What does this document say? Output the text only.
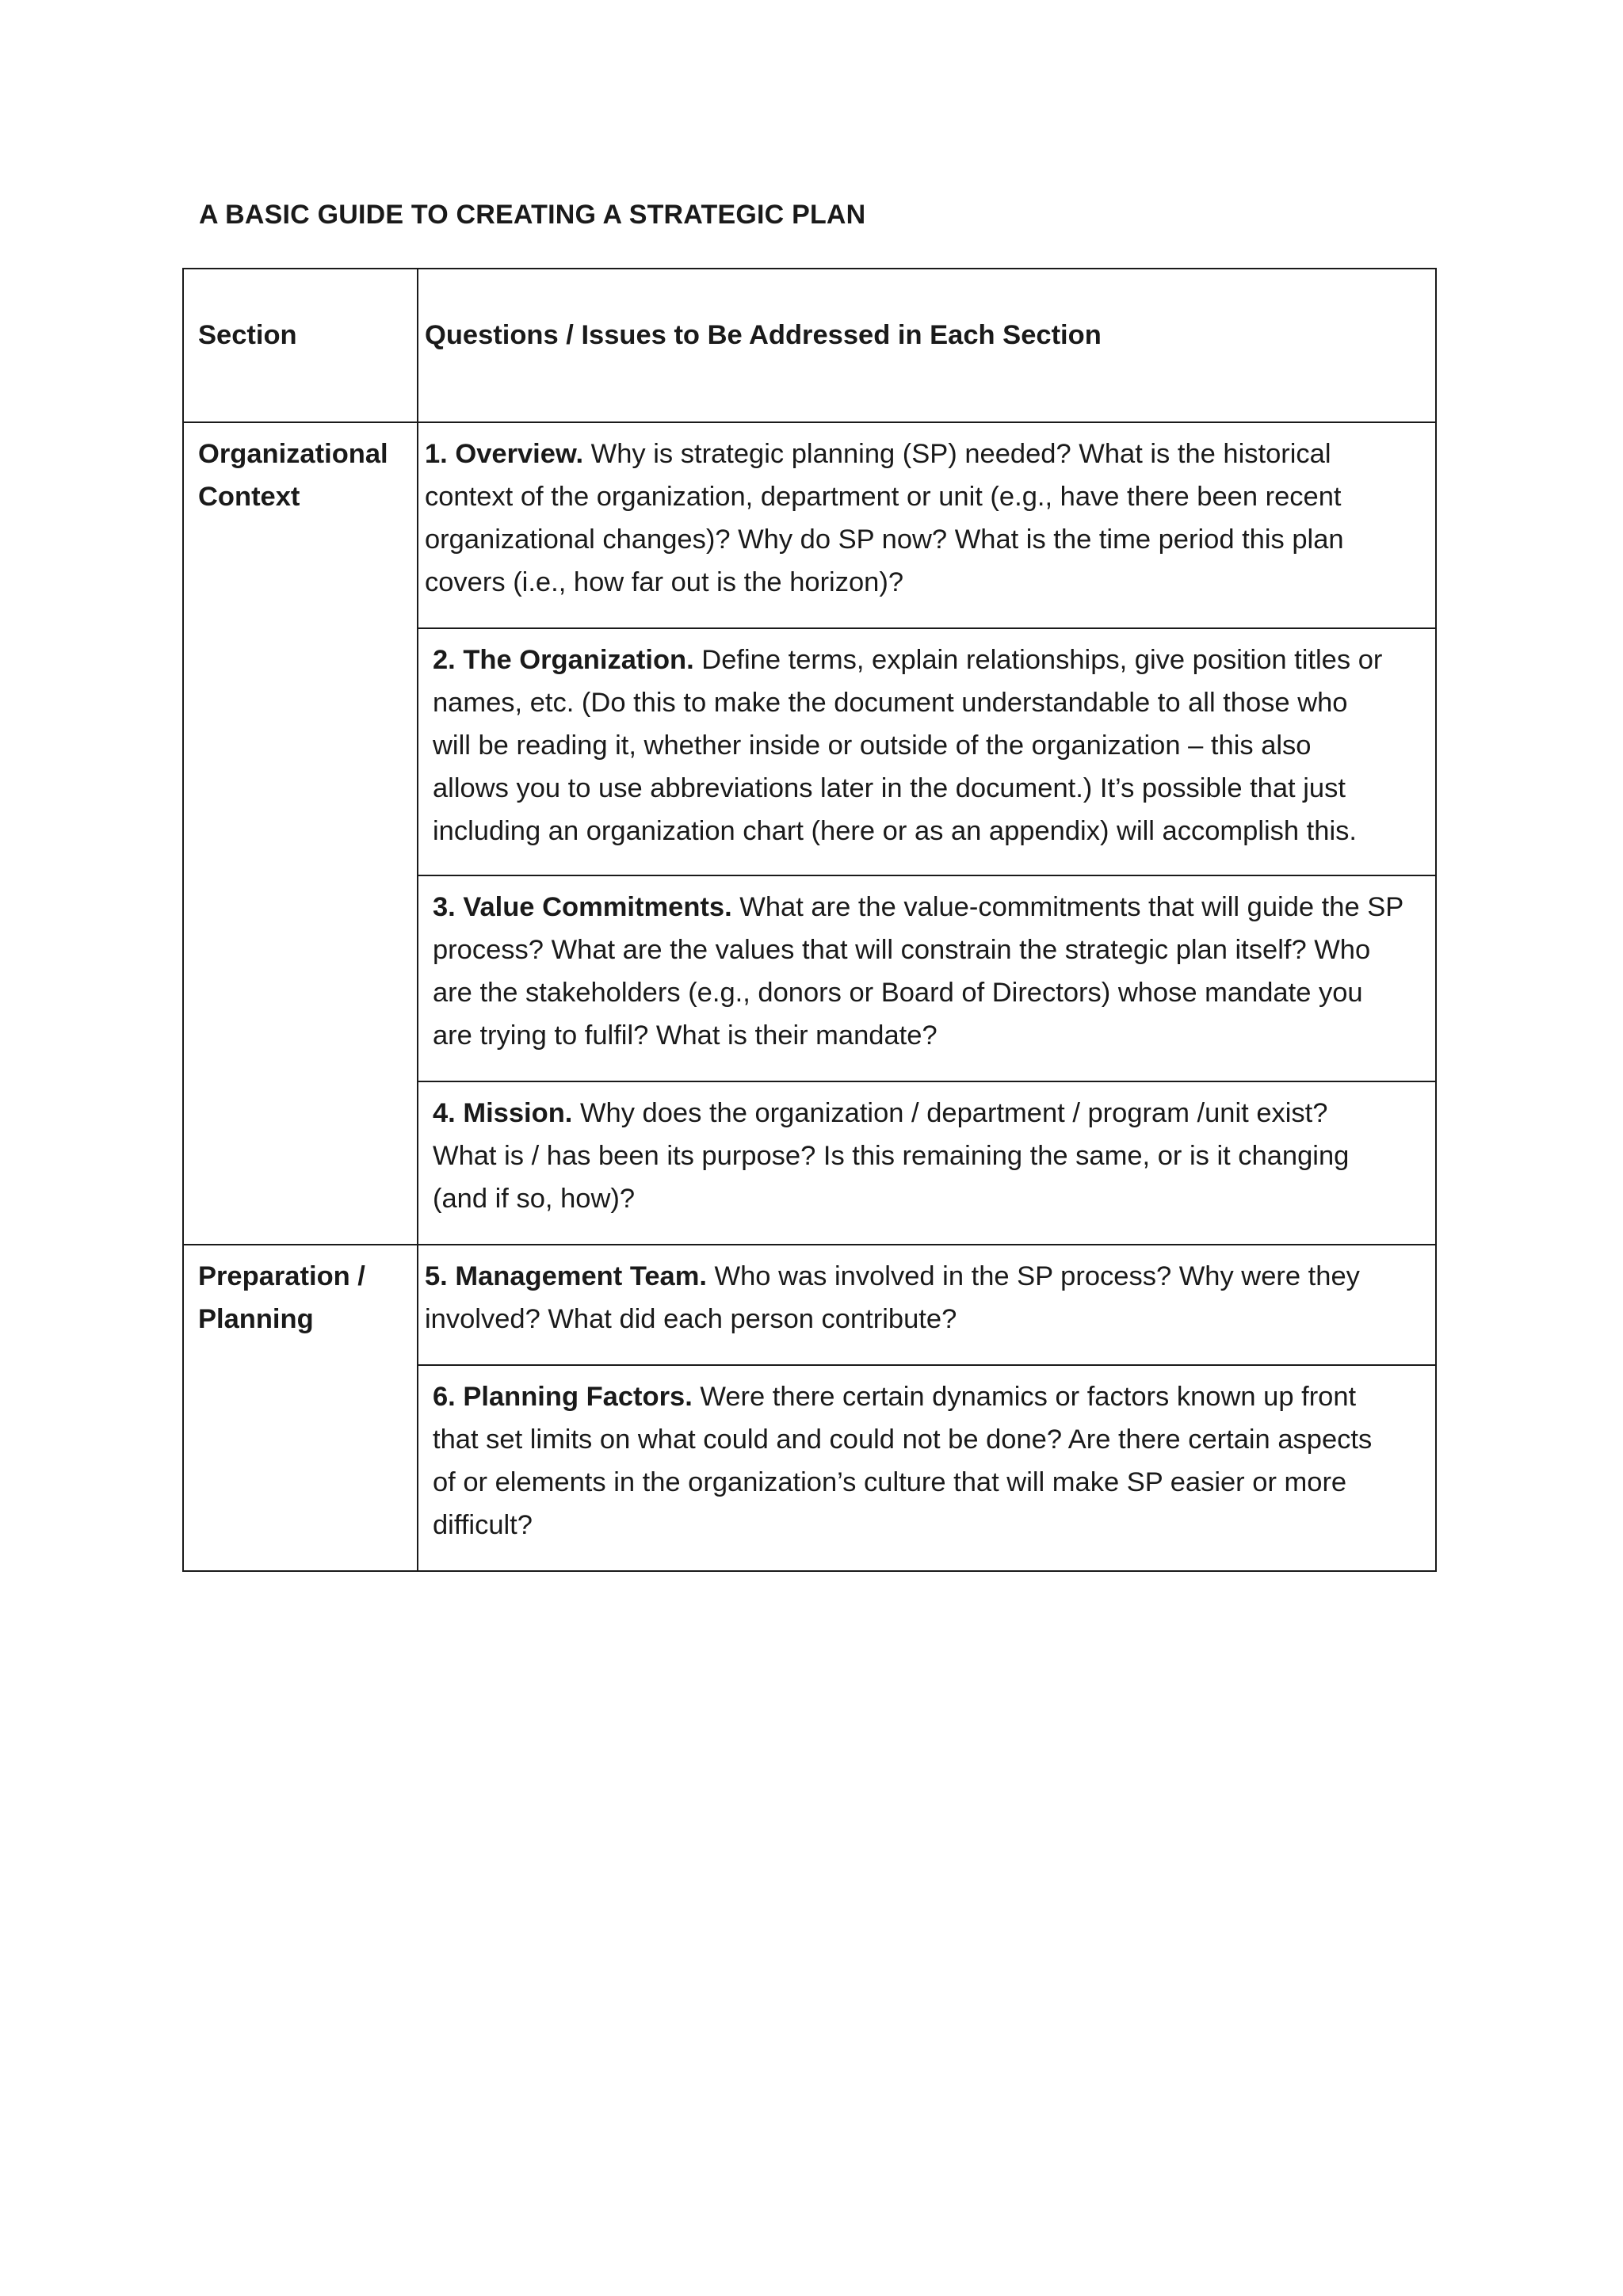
A BASIC GUIDE TO CREATING A STRATEGIC PLAN
Section	Questions / Issues to Be Addressed in Each Section

Organizational
Context	1. Overview. Why is strategic planning (SP) needed? What is the historical
context of the organization, department or unit (e.g., have there been recent
organizational changes)? Why do SP now? What is the time period this plan
covers (i.e., how far out is the horizon)?

	2. The Organization. Define terms, explain relationships, give position titles or
names, etc. (Do this to make the document understandable to all those who
will be reading it, whether inside or outside of the organization – this also
allows you to use abbreviations later in the document.) It’s possible that just
including an organization chart (here or as an appendix) will accomplish this.

	3. Value Commitments. What are the value-commitments that will guide the SP
process? What are the values that will constrain the strategic plan itself? Who
are the stakeholders (e.g., donors or Board of Directors) whose mandate you
are trying to fulfil? What is their mandate?

	4. Mission. Why does the organization / department / program /unit exist?
What is / has been its purpose? Is this remaining the same, or is it changing
(and if so, how)?

Preparation /
Planning	5. Management Team. Who was involved in the SP process? Why were they
involved? What did each person contribute?

	6. Planning Factors. Were there certain dynamics or factors known up front
that set limits on what could and could not be done? Are there certain aspects
of or elements in the organization’s culture that will make SP easier or more
difficult?
